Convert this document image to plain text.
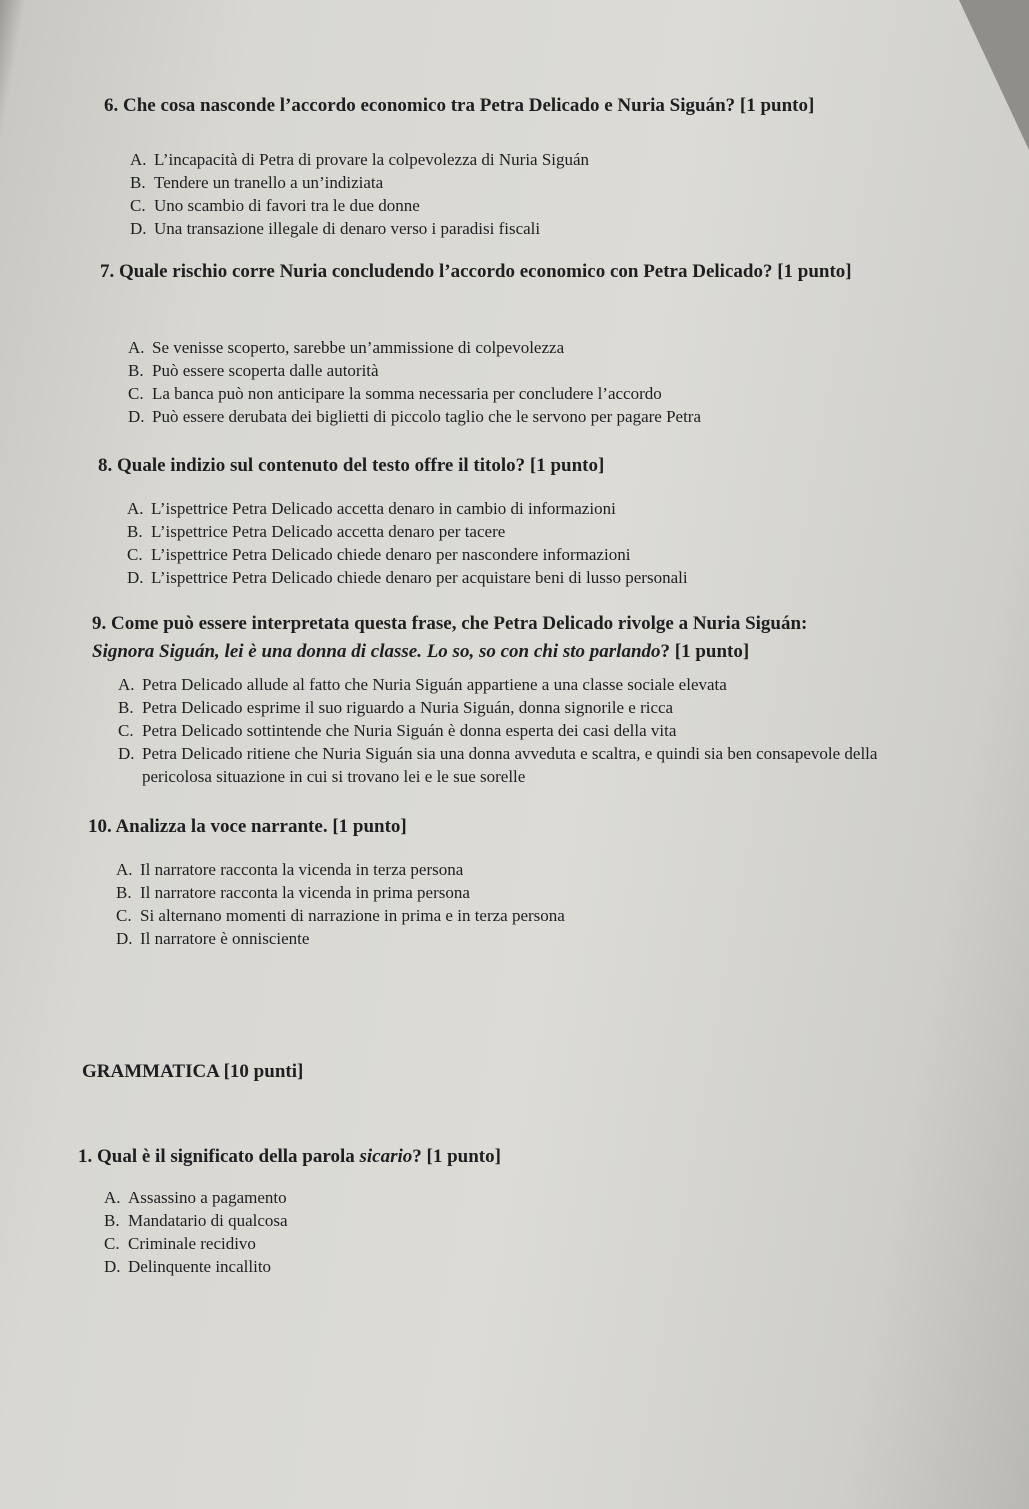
6. Che cosa nasconde l’accordo economico tra Petra Delicado e Nuria Siguán? [1 punto]
A. L’incapacità di Petra di provare la colpevolezza di Nuria Siguán
B. Tendere un tranello a un’indiziata
C. Uno scambio di favori tra le due donne
D. Una transazione illegale di denaro verso i paradisi fiscali
7. Quale rischio corre Nuria concludendo l’accordo economico con Petra Delicado? [1 punto]
A. Se venisse scoperto, sarebbe un’ammissione di colpevolezza
B. Può essere scoperta dalle autorità
C. La banca può non anticipare la somma necessaria per concludere l’accordo
D. Può essere derubata dei biglietti di piccolo taglio che le servono per pagare Petra
8. Quale indizio sul contenuto del testo offre il titolo? [1 punto]
A. L’ispettrice Petra Delicado accetta denaro in cambio di informazioni
B. L’ispettrice Petra Delicado accetta denaro per tacere
C. L’ispettrice Petra Delicado chiede denaro per nascondere informazioni
D. L’ispettrice Petra Delicado chiede denaro per acquistare beni di lusso personali
9. Come può essere interpretata questa frase, che Petra Delicado rivolge a Nuria Siguán:
Signora Siguán, lei è una donna di classe. Lo so, so con chi sto parlando? [1 punto]
A. Petra Delicado allude al fatto che Nuria Siguán appartiene a una classe sociale elevata
B. Petra Delicado esprime il suo riguardo a Nuria Siguán, donna signorile e ricca
C. Petra Delicado sottintende che Nuria Siguán è donna esperta dei casi della vita
D. Petra Delicado ritiene che Nuria Siguán sia una donna avveduta e scaltra, e quindi sia ben consapevole della pericolosa situazione in cui si trovano lei e le sue sorelle
10. Analizza la voce narrante. [1 punto]
A. Il narratore racconta la vicenda in terza persona
B. Il narratore racconta la vicenda in prima persona
C. Si alternano momenti di narrazione in prima e in terza persona
D. Il narratore è onnisciente
GRAMMATICA [10 punti]
1. Qual è il significato della parola sicario? [1 punto]
A. Assassino a pagamento
B. Mandatario di qualcosa
C. Criminale recidivo
D. Delinquente incallito
